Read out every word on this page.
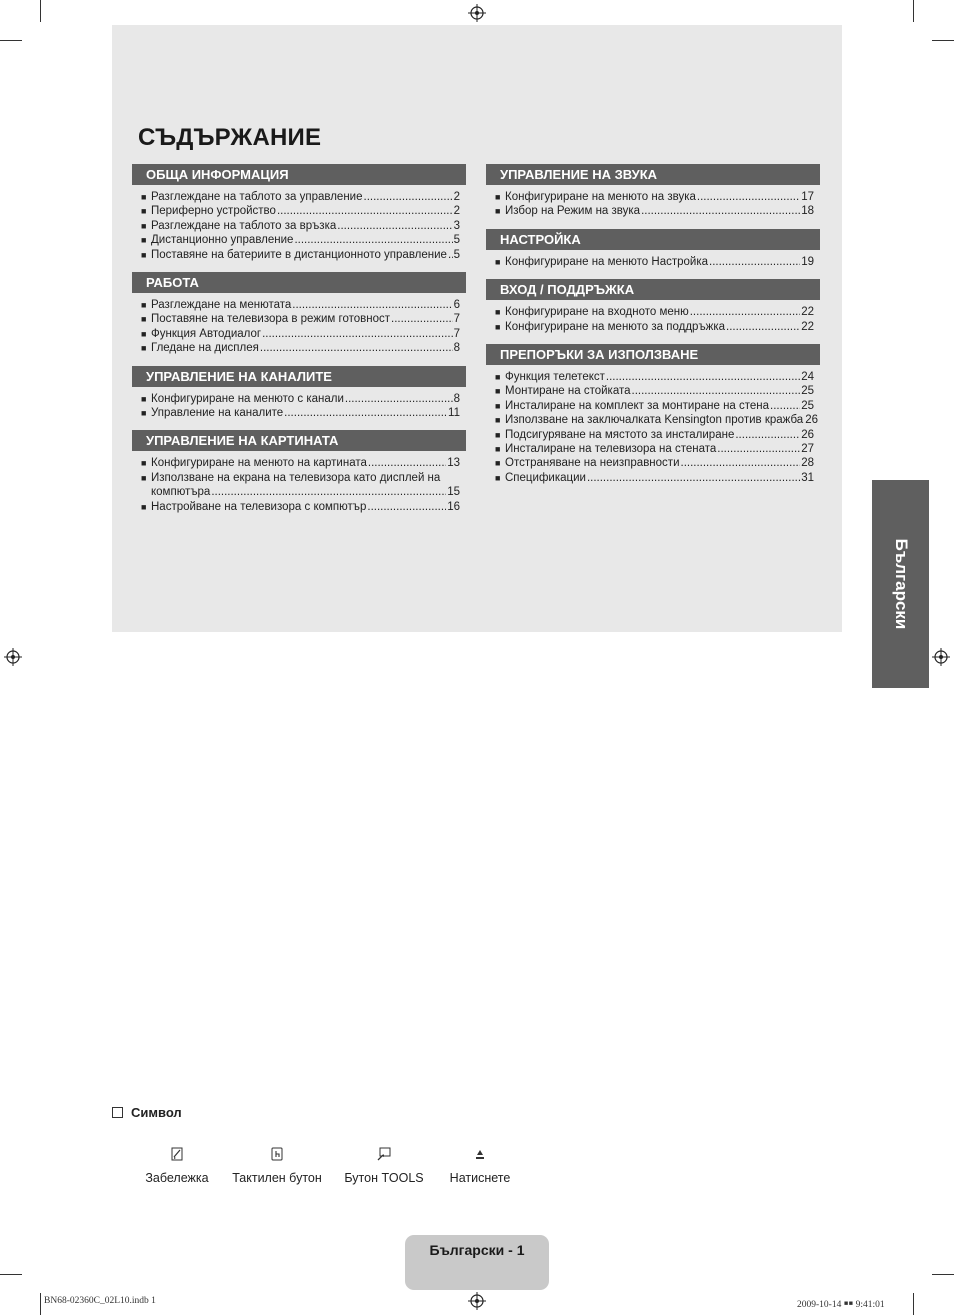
СЪДЪРЖАНИЕ
ОБЩА ИНФОРМАЦИЯ
■ Разглеждане на таблото за управление .....	2
■ Периферно устройство .....	2
■ Разглеждане на таблото за връзка .....	3
■ Дистанционно управление .....	5
■ Поставяне на батериите в дистанционното управление ..... 5
РАБОТА
■ Разглеждане на менютата .....	6
■ Поставяне на телевизора в режим готовност .....	7
■ Функция Автодиалог .....	7
■ Гледане на дисплея .....	8
УПРАВЛЕНИЕ НА КАНАЛИТЕ
■ Конфигуриране на менюто с канали .....	8
■ Управление на каналите .....	11
УПРАВЛЕНИЕ НА КАРТИНАТА
■ Конфигуриране на менюто на картината .....	13
■ Използване на екрана на телевизора като дисплей на
компютъра .....	15
■ Настройване на телевизора с компютър .....	16
УПРАВЛЕНИЕ НА ЗВУКА
■ Конфигуриране на менюто на звука .....	17
■ Избор на Режим на звука .....	18
НАСТРОЙКА
■ Конфигуриране на менюто Настройка .....	19
ВХОД / ПОДДРЪЖКА
■ Конфигуриране на входното меню .....	22
■ Конфигуриране на менюто за поддръжка .....	22
ПРЕПОРЪКИ ЗА ИЗПОЛЗВАНЕ
■ Функция телетекст .....	24
■ Монтиране на стойката .....	25
■ Инсталиране на комплект за монтиране на стена .....	25
■ Използване на заключалката Kensington против кражба 26
■ Подсигуряване на мястото за инсталиране .....	26
■ Инсталиране на телевизора на стената .....	27
■ Отстраняване на неизправности .....	28
■ Спецификации .....	31
Български
Символ
Забележка	Тактилен бутон Бутон TOOLS	Натиснете
Български - 1
BN68-02360C_02L10.indb 1	2009-10-14 ￭￭ 9:41:01
